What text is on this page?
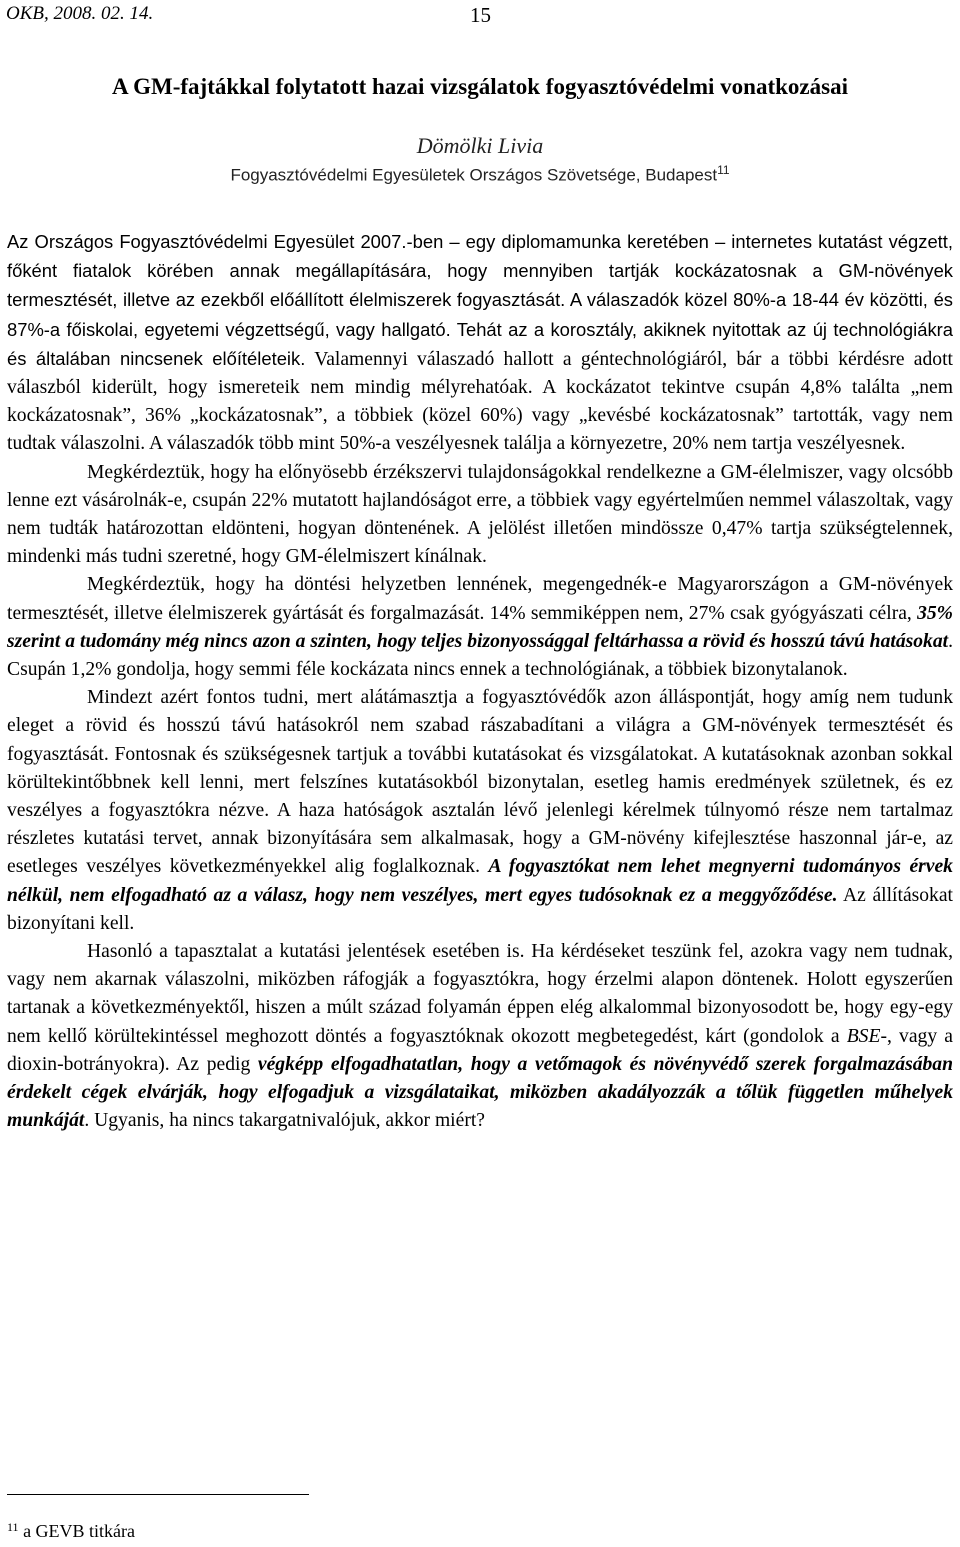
OKB, 2008. 02. 14.	15
A GM-fajtákkal folytatott hazai vizsgálatok fogyasztóvédelmi vonatkozásai
Dömölki Livia
Fogyasztóvédelmi Egyesületek Országos Szövetsége, Budapest$^{11}$

Az Országos Fogyasztóvédelmi Egyesület 2007.-ben – egy diplomamunka keretében – internetes kutatást végzett, főként fiatalok körében annak megállapítására, hogy mennyiben tartják kockázatosnak a GM-növények termesztését, illetve az ezekből előállított élelmiszerek fogyasztását. A válaszadók közel 80%-a 18-44 év közötti, és 87%-a főiskolai, egyetemi végzettségű, vagy hallgató. Tehát az a korosztály, akiknek nyitottak az új technológiákra és általában nincsenek előítéleteik. Valamennyi válaszadó hallott a géntechnológiáról, bár a többi kérdésre adott válaszból kiderült, hogy ismereteik nem mindig mélyrehatóak. A kockázatot tekintve csupán 4,8% találta „nem kockázatosnak”, 36% „kockázatosnak”, a többiek (közel 60%) vagy „kevésbé kockázatosnak” tartották, vagy nem tudtak válaszolni. A válaszadók több mint 50%-a veszélyesnek találja a környezetre, 20% nem tartja veszélyesnek.

Megkérdeztük, hogy ha előnyösebb érzékszervi tulajdonságokkal rendelkezne a GM-élelmiszer, vagy olcsóbb lenne ezt vásárolnák-e, csupán 22% mutatott hajlandóságot erre, a többiek vagy egyértelműen nemmel válaszoltak, vagy nem tudták határozottan eldönteni, hogyan döntenének. A jelölést illetően mindössze 0,47% tartja szükségtelennek, mindenki más tudni szeretné, hogy GM-élelmiszert kínálnak.

Megkérdeztük, hogy ha döntési helyzetben lennének, megengednék-e Magyarországon a GM-növények termesztését, illetve élelmiszerek gyártását és forgalmazását. 14% semmiképpen nem, 27% csak gyógyászati célra, 35% szerint a tudomány még nincs azon a szinten, hogy teljes bizonyossággal feltárhassa a rövid és hosszú távú hatásokat. Csupán 1,2% gondolja, hogy semmi féle kockázata nincs ennek a technológiának, a többiek bizonytalanok.

Mindezt azért fontos tudni, mert alátámasztja a fogyasztóvédők azon álláspontját, hogy amíg nem tudunk eleget a rövid és hosszú távú hatásokról nem szabad rászabadítani a világra a GM-növények termesztését és fogyasztását. Fontosnak és szükségesnek tartjuk a további kutatásokat és vizsgálatokat. A kutatásoknak azonban sokkal körültekintőbbnek kell lenni, mert felszínes kutatásokból bizonytalan, esetleg hamis eredmények születnek, és ez veszélyes a fogyasztókra nézve. A haza hatóságok asztalán lévő jelenlegi kérelmek túlnyomó része nem tartalmaz részletes kutatási tervet, annak bizonyítására sem alkalmasak, hogy a GM-növény kifejlesztése haszonnal jár-e, az esetleges veszélyes következményekkel alig foglalkoznak. A fogyasztókat nem lehet megnyerni tudományos érvek nélkül, nem elfogadható az a válasz, hogy nem veszélyes, mert egyes tudósoknak ez a meggyőződése. Az állításokat bizonyítani kell.

Hasonló a tapasztalat a kutatási jelentések esetében is. Ha kérdéseket teszünk fel, azokra vagy nem tudnak, vagy nem akarnak válaszolni, miközben ráfogják a fogyasztókra, hogy érzelmi alapon döntenek. Holott egyszerűen tartanak a következményektől, hiszen a múlt század folyamán éppen elég alkalommal bizonyosodott be, hogy egy-egy nem kellő körültekintéssel meghozott döntés a fogyasztóknak okozott megbetegedést, kárt (gondolok a BSE-, vagy a dioxin-botrányokra). Az pedig végképp elfogadhatatlan, hogy a vetőmagok és növényvédő szerek forgalmazásában érdekelt cégek elvárják, hogy elfogadjuk a vizsgálataikat, miközben akadályozzák a tőlük független műhelyek munkáját. Ugyanis, ha nincs takargatnivalójuk, akkor miért?

$^{11}$ a GEVB titkára
